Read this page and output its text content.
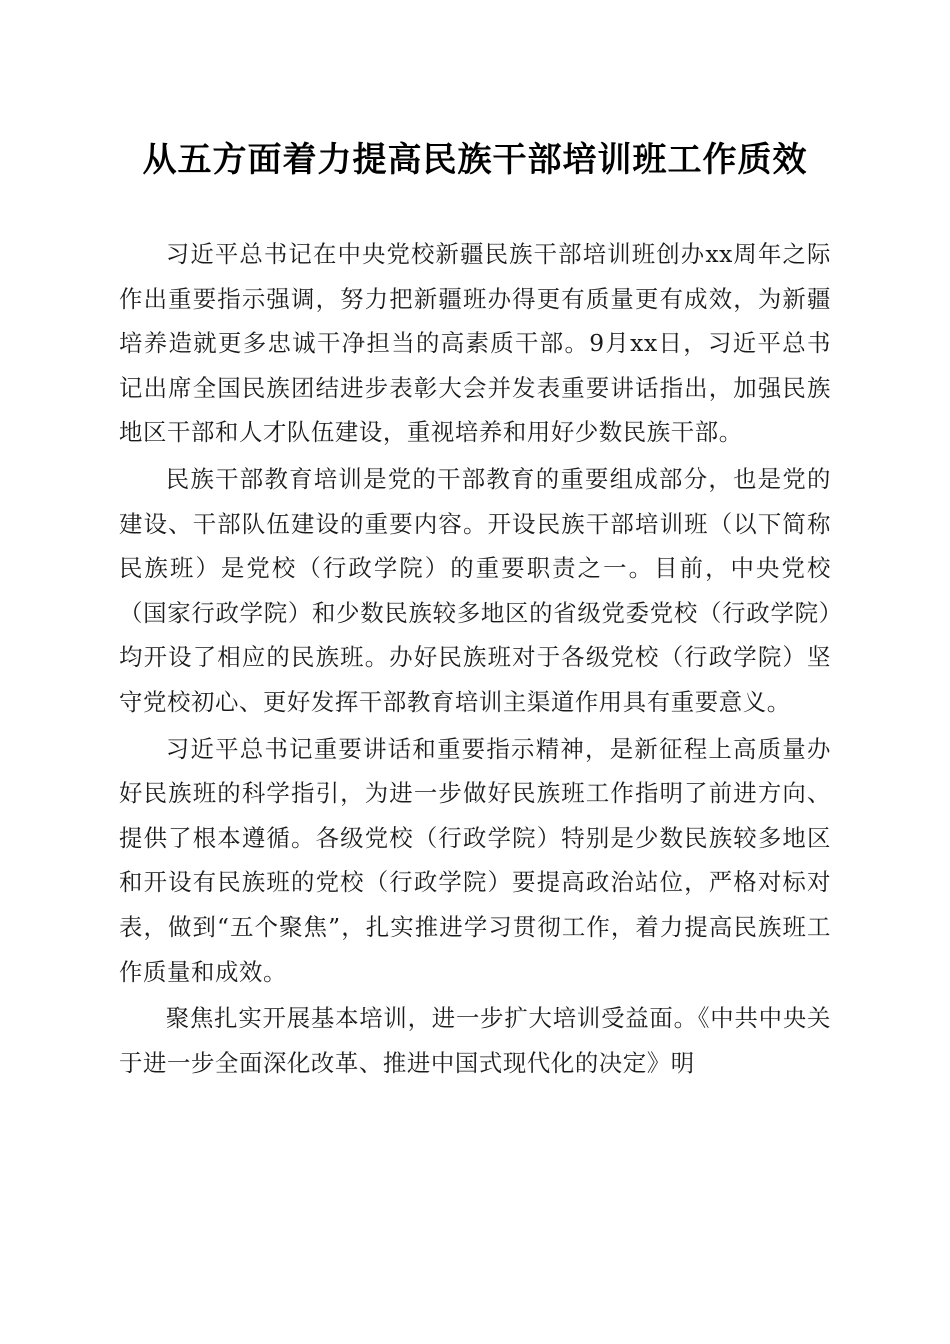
从五方面着力提高民族干部培训班工作质效

习近平总书记在中央党校新疆民族干部培训班创办xx周年之际作出重要指示强调，努力把新疆班办得更有质量更有成效，为新疆培养造就更多忠诚干净担当的高素质干部。9月xx日，习近平总书记出席全国民族团结进步表彰大会并发表重要讲话指出，加强民族地区干部和人才队伍建设，重视培养和用好少数民族干部。

民族干部教育培训是党的干部教育的重要组成部分，也是党的建设、干部队伍建设的重要内容。开设民族干部培训班（以下简称民族班）是党校（行政学院）的重要职责之一。目前，中央党校（国家行政学院）和少数民族较多地区的省级党委党校（行政学院）均开设了相应的民族班。办好民族班对于各级党校（行政学院）坚守党校初心、更好发挥干部教育培训主渠道作用具有重要意义。

习近平总书记重要讲话和重要指示精神，是新征程上高质量办好民族班的科学指引，为进一步做好民族班工作指明了前进方向、提供了根本遵循。各级党校（行政学院）特别是少数民族较多地区和开设有民族班的党校（行政学院）要提高政治站位，严格对标对表，做到“五个聚焦”，扎实推进学习贯彻工作，着力提高民族班工作质量和成效。

聚焦扎实开展基本培训，进一步扩大培训受益面。《中共中央关于进一步全面深化改革、推进中国式现代化的决定》明
